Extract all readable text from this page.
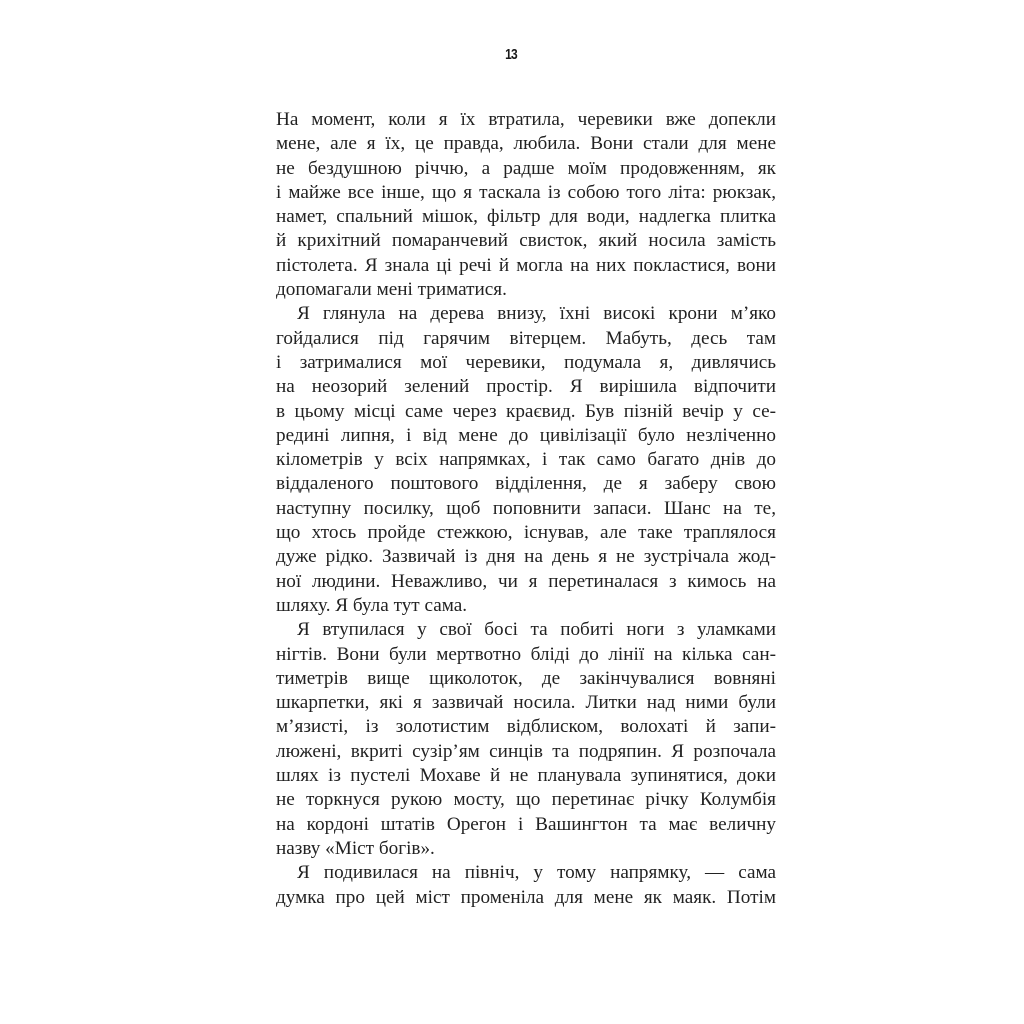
13
На момент, коли я їх втратила, черевики вже допекли
мене, але я їх, це правда, любила. Вони стали для мене
не бездушною річчю, а радше моїм продовженням, як
і майже все інше, що я таскала із собою того літа: рюкзак,
намет, спальний мішок, фільтр для води, надлегка плитка
й крихітний помаранчевий свисток, який носила замість
пістолета. Я знала ці речі й могла на них покластися, вони
допомагали мені триматися.
Я глянула на дерева внизу, їхні високі крони м’яко
гойдалися під гарячим вітерцем. Мабуть, десь там
і затрималися мої черевики, подумала я, дивлячись
на неозорий зелений простір. Я вирішила відпочити
в цьому місці саме через краєвид. Був пізній вечір у се-
редині липня, і від мене до цивілізації було незліченно
кілометрів у всіх напрямках, і так само багато днів до
віддаленого поштового відділення, де я заберу свою
наступну посилку, щоб поповнити запаси. Шанс на те,
що хтось пройде стежкою, існував, але таке траплялося
дуже рідко. Зазвичай із дня на день я не зустрічала жод-
ної людини. Неважливо, чи я перетиналася з кимось на
шляху. Я була тут сама.
Я втупилася у свої босі та побиті ноги з уламками
нігтів. Вони були мертвотно бліді до лінії на кілька сан-
тиметрів вище щиколоток, де закінчувалися вовняні
шкарпетки, які я зазвичай носила. Литки над ними були
м’язисті, із золотистим відблиском, волохаті й запи-
люжені, вкриті сузір’ям синців та подряпин. Я розпочала
шлях із пустелі Мохаве й не планувала зупинятися, доки
не торкнуся рукою мосту, що перетинає річку Колумбія
на кордоні штатів Орегон і Вашингтон та має величну
назву «Міст богів».
Я подивилася на північ, у тому напрямку, — сама
думка про цей міст променіла для мене як маяк. Потім
